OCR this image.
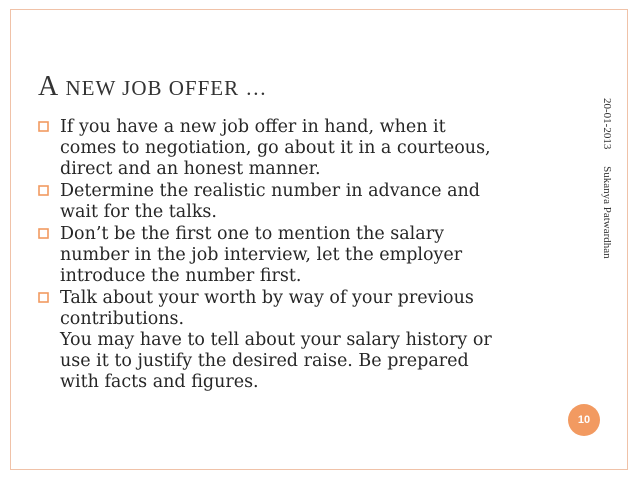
A NEW JOB OFFER …
20-01-2013 Sukanya Patwardhan
If you have a new job offer in hand, when it
comes to negotiation, go about it in a courteous,
direct and an honest manner.
Determine the realistic number in advance and
wait for the talks.
Don’t be the first one to mention the salary
number in the job interview, let the employer
introduce the number first.
Talk about your worth by way of your previous
contributions.
You may have to tell about your salary history or
use it to justify the desired raise. Be prepared
with facts and figures.
10
